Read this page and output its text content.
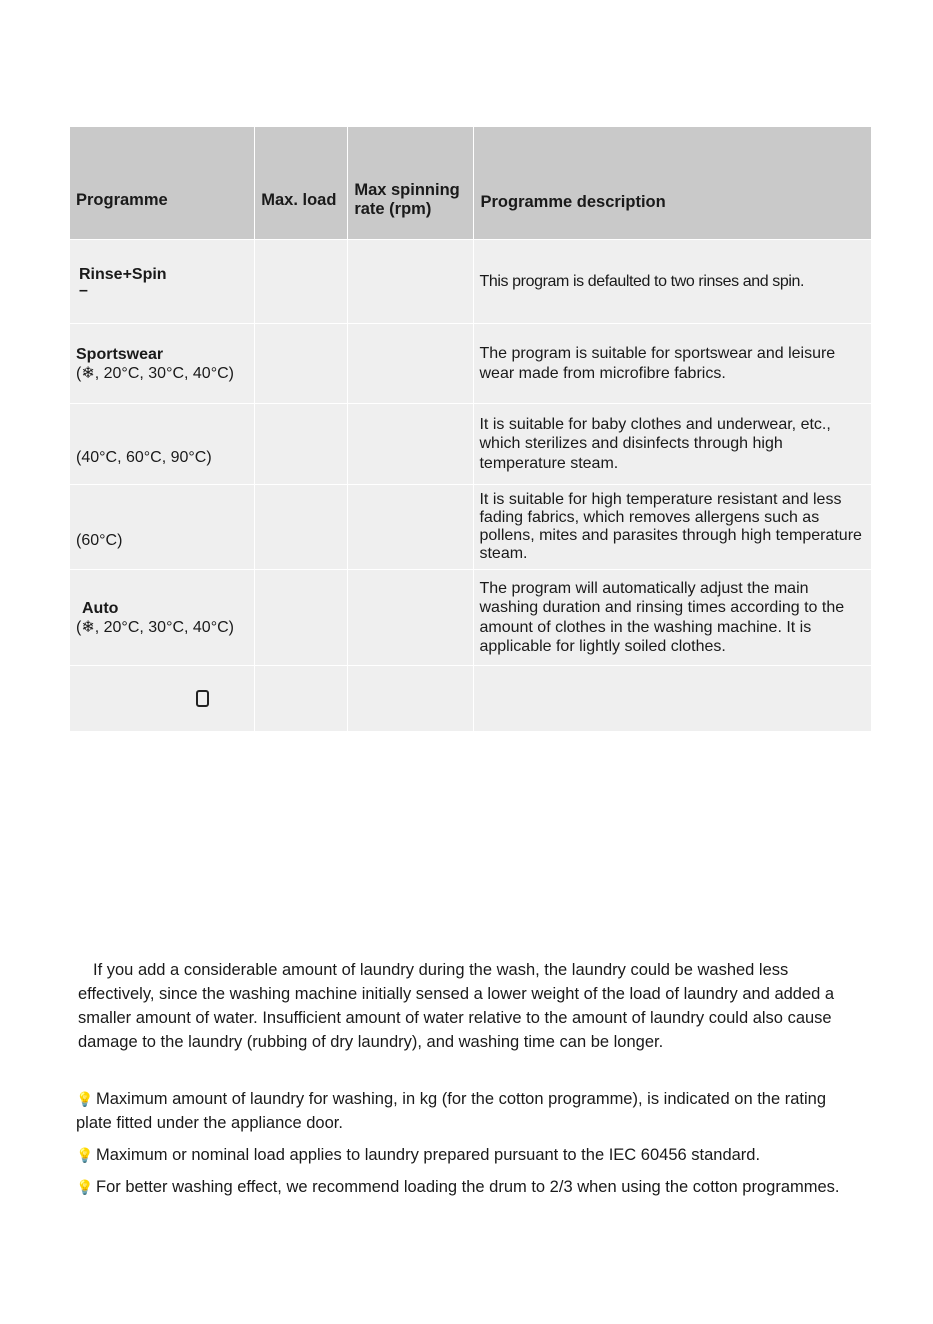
Programme	Max. load	Max spinning rate (rpm)	Programme description

Rinse+Spin
–			This program is defaulted to two rinses and spin.

Sportswear
(❄, 20°C, 30°C, 40°C)			The program is suitable for sportswear and leisure wear made from microfibre fabrics.

(40°C, 60°C, 90°C)			It is suitable for baby clothes and underwear, etc., which sterilizes and disinfects through high temperature steam.

(60°C)			It is suitable for high temperature resistant and less fading fabrics, which removes allergens such as pollens, mites and parasites through high temperature steam.

Auto
(❄, 20°C, 30°C, 40°C)			The program will automatically adjust the main washing duration and rinsing times according to the amount of clothes in the washing machine. It is applicable for lightly soiled clothes.

If you add a considerable amount of laundry during the wash, the laundry could be washed less effectively, since the washing machine initially sensed a lower weight of the load of laundry and added a smaller amount of water. Insufficient amount of water relative to the amount of laundry could also cause damage to the laundry (rubbing of dry laundry), and washing time can be longer.
💡 Maximum amount of laundry for washing, in kg (for the cotton programme), is indicated on the rating plate fitted under the appliance door.
💡 Maximum or nominal load applies to laundry prepared pursuant to the IEC 60456 standard.
💡 For better washing effect, we recommend loading the drum to 2/3 when using the cotton programmes.
